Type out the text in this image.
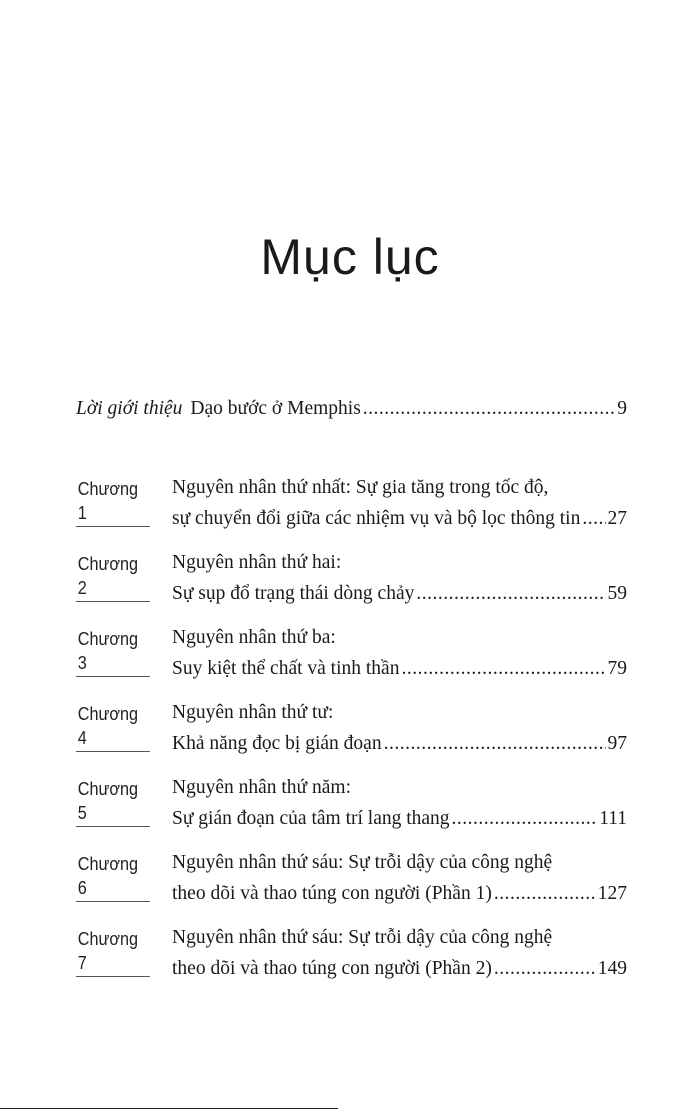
Mục lục
Lời giới thiệu Dạo bước ở Memphis .....	9
Chương 1
Nguyên nhân thứ nhất: Sự gia tăng trong tốc độ,
sự chuyển đổi giữa các nhiệm vụ và bộ lọc thông tin ..... 27
Chương 2
Nguyên nhân thứ hai:
Sự sụp đổ trạng thái dòng chảy .....	59
Chương 3
Nguyên nhân thứ ba:
Suy kiệt thể chất và tinh thần .....	79
Chương 4
Nguyên nhân thứ tư:
Khả năng đọc bị gián đoạn .....	97
Chương 5
Nguyên nhân thứ năm:
Sự gián đoạn của tâm trí lang thang .....	111
Chương 6
Nguyên nhân thứ sáu: Sự trỗi dậy của công nghệ
theo dõi và thao túng con người (Phần 1) .....	127
Chương 7
Nguyên nhân thứ sáu: Sự trỗi dậy của công nghệ
theo dõi và thao túng con người (Phần 2) .....	149
